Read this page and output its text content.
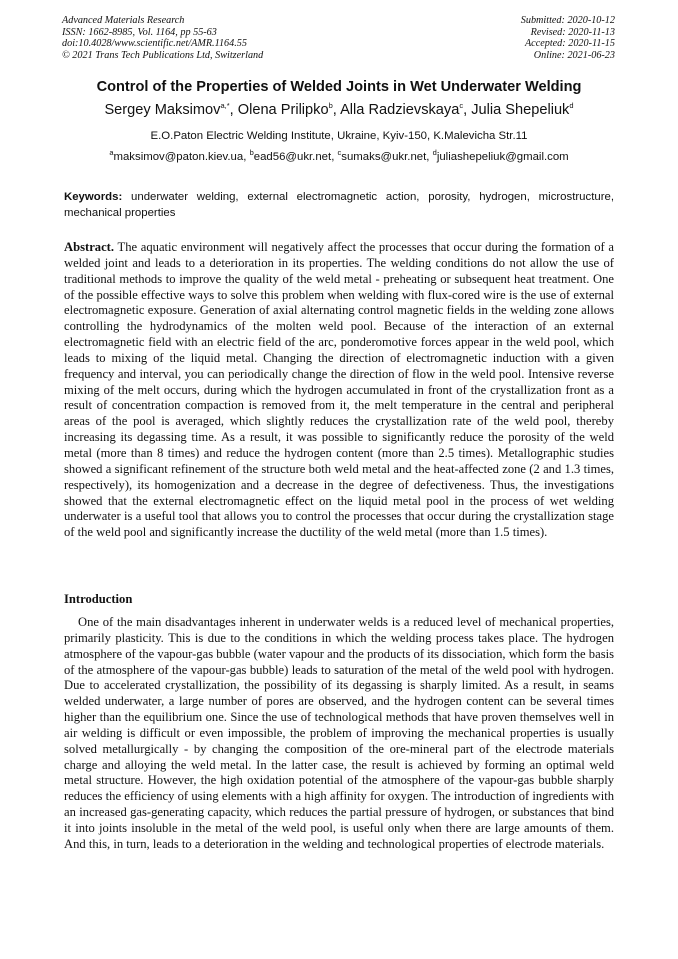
Advanced Materials Research
ISSN: 1662-8985, Vol. 1164, pp 55-63
doi:10.4028/www.scientific.net/AMR.1164.55
© 2021 Trans Tech Publications Ltd, Switzerland
Submitted: 2020-10-12
Revised: 2020-11-13
Accepted: 2020-11-15
Online: 2021-06-23
Control of the Properties of Welded Joints in Wet Underwater Welding
Sergey Maksimov$^{a,*}$, Olena Prilipko$^b$, Alla Radzievskaya$^c$, Julia Shepeliuk$^d$
E.O.Paton Electric Welding Institute, Ukraine, Kyiv-150, K.Malevicha Str.11
$^a$maksimov@paton.kiev.ua, $^b$ead56@ukr.net, $^c$sumaks@ukr.net, $^d$juliashepeliuk@gmail.com
Keywords: underwater welding, external electromagnetic action, porosity, hydrogen, microstructure, mechanical properties
Abstract. The aquatic environment will negatively affect the processes that occur during the formation of a welded joint and leads to a deterioration in its properties. The welding conditions do not allow the use of traditional methods to improve the quality of the weld metal - preheating or subsequent heat treatment. One of the possible effective ways to solve this problem when welding with flux-cored wire is the use of external electromagnetic exposure. Generation of axial alternating control magnetic fields in the welding zone allows controlling the hydrodynamics of the molten weld pool. Because of the interaction of an external electromagnetic field with an electric field of the arc, ponderomotive forces appear in the weld pool, which leads to mixing of the liquid metal. Changing the direction of electromagnetic induction with a given frequency and interval, you can periodically change the direction of flow in the weld pool. Intensive reverse mixing of the melt occurs, during which the hydrogen accumulated in front of the crystallization front as a result of concentration compaction is removed from it, the melt temperature in the central and peripheral areas of the pool is averaged, which slightly reduces the crystallization rate of the weld pool, thereby increasing its degassing time. As a result, it was possible to significantly reduce the porosity of the weld metal (more than 8 times) and reduce the hydrogen content (more than 2.5 times). Metallographic studies showed a significant refinement of the structure both weld metal and the heat-affected zone (2 and 1.3 times, respectively), its homogenization and a decrease in the degree of defectiveness. Thus, the investigations showed that the external electromagnetic effect on the liquid metal pool in the process of wet welding underwater is a useful tool that allows you to control the processes that occur during the crystallization stage of the weld pool and significantly increase the ductility of the weld metal (more than 1.5 times).
Introduction
One of the main disadvantages inherent in underwater welds is a reduced level of mechanical properties, primarily plasticity. This is due to the conditions in which the welding process takes place. The hydrogen atmosphere of the vapour-gas bubble (water vapour and the products of its dissociation, which form the basis of the atmosphere of the vapour-gas bubble) leads to saturation of the metal of the weld pool with hydrogen. Due to accelerated crystallization, the possibility of its degassing is sharply limited. As a result, in seams welded underwater, a large number of pores are observed, and the hydrogen content can be several times higher than the equilibrium one. Since the use of technological methods that have proven themselves well in air welding is difficult or even impossible, the problem of improving the mechanical properties is usually solved metallurgically - by changing the composition of the ore-mineral part of the electrode materials charge and alloying the weld metal. In the latter case, the result is achieved by forming an optimal weld metal structure. However, the high oxidation potential of the atmosphere of the vapour-gas bubble sharply reduces the efficiency of using elements with a high affinity for oxygen. The introduction of ingredients with an increased gas-generating capacity, which reduces the partial pressure of hydrogen, or substances that bind it into joints insoluble in the metal of the weld pool, is useful only when there are large amounts of them. And this, in turn, leads to a deterioration in the welding and technological properties of electrode materials.
